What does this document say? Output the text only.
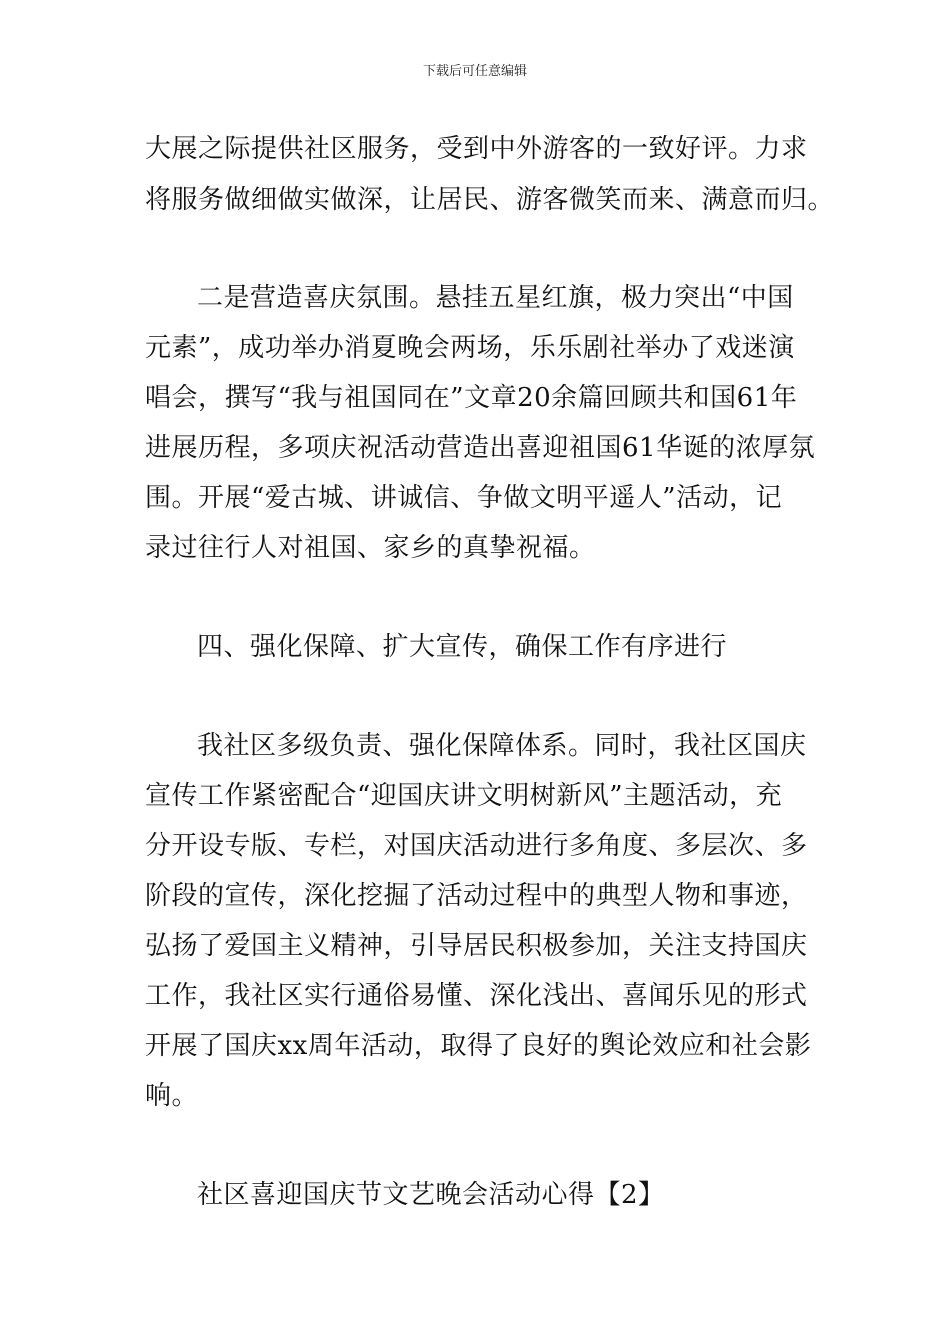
下载后可任意编辑
大展之际提供社区服务，受到中外游客的一致好评。力求
将服务做细做实做深，让居民、游客微笑而来、满意而归。
二是营造喜庆氛围。悬挂五星红旗，极力突出“中国
元素”，成功举办消夏晚会两场，乐乐剧社举办了戏迷演
唱会，撰写“我与祖国同在”文章20余篇回顾共和国61年
进展历程，多项庆祝活动营造出喜迎祖国61华诞的浓厚氛
围。开展“爱古城、讲诚信、争做文明平遥人”活动，记
录过往行人对祖国、家乡的真挚祝福。
四、强化保障、扩大宣传，确保工作有序进行
我社区多级负责、强化保障体系。同时，我社区国庆
宣传工作紧密配合“迎国庆讲文明树新风”主题活动，充
分开设专版、专栏，对国庆活动进行多角度、多层次、多
阶段的宣传，深化挖掘了活动过程中的典型人物和事迹，
弘扬了爱国主义精神，引导居民积极参加，关注支持国庆
工作，我社区实行通俗易懂、深化浅出、喜闻乐见的形式
开展了国庆xx周年活动，取得了良好的舆论效应和社会影
响。
社区喜迎国庆节文艺晚会活动心得【2】
